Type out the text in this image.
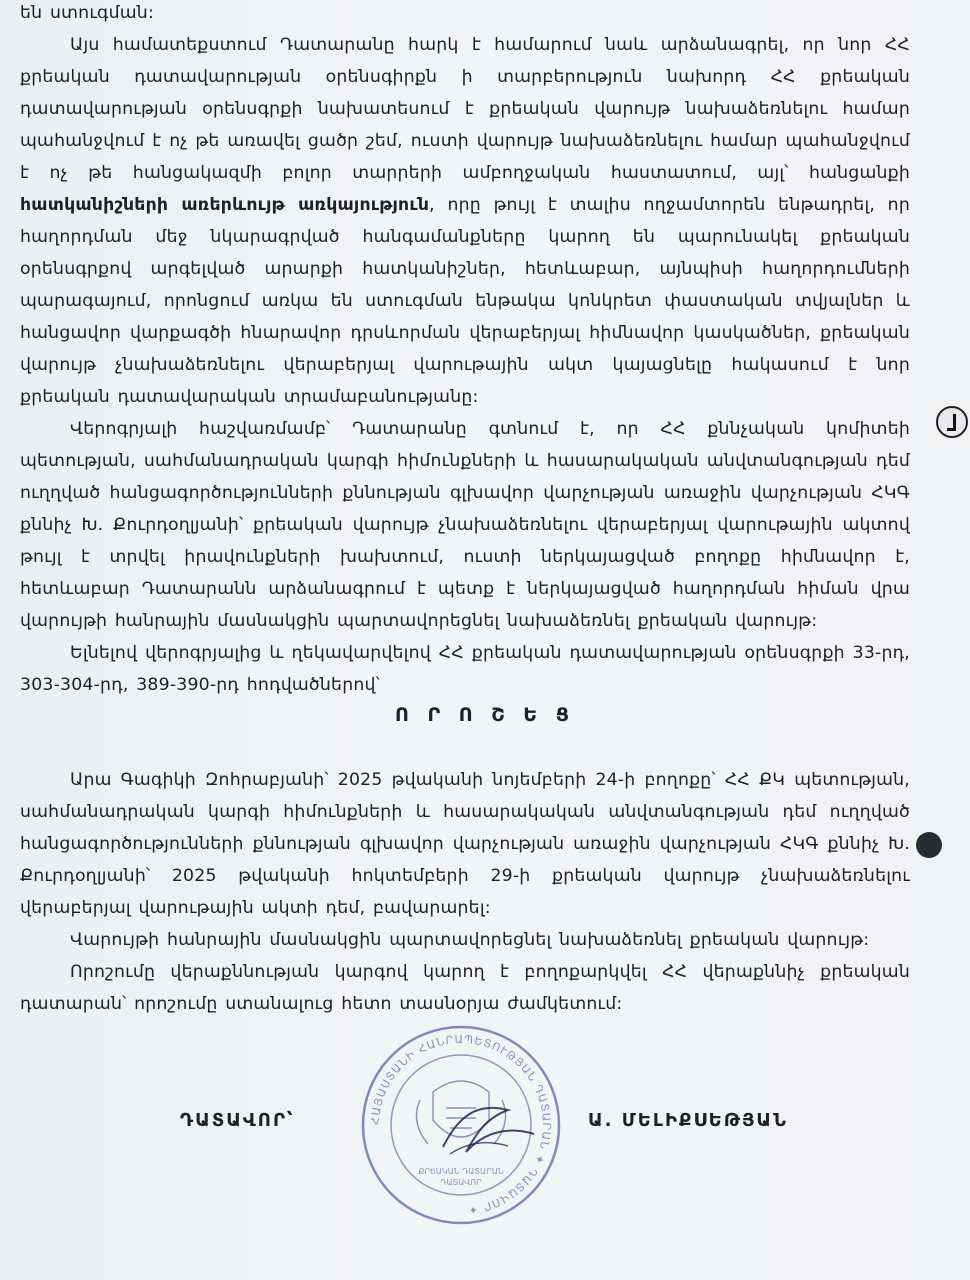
են ստուգման:

Այս համատեքստում Դատարանը հարկ է համարում նաև արձանագրել, որ նոր ՀՀ քրեական դատավարության օրենսգիրքն ի տարբերություն նախորդ ՀՀ քրեական դատավարության օրենսգրքի նախատեսում է քրեական վարույթ նախաձեռնելու համար պահանջվում է ոչ թե առավել ցածր շեմ, ուստի վարույթ նախաձեռնելու համար պահանջվում է ոչ թե հանցակազմի բոլոր տարրերի ամբողջական հաստատում, այլ՝ հանցանքի հատկանիշների առերևույթ առկայություն, որը թույլ է տալիս ողջամտորեն ենթադրել, որ հաղորդման մեջ նկարագրված հանգամանքները կարող են պարունակել քրեական օրենսգրքով արգելված արարքի հատկանիշներ, հետևաբար, այնպիսի հաղորդումների պարագայում, որոնցում առկա են ստուգման ենթակա կոնկրետ փաստական տվյալներ և հանցավոր վարքագծի հնարավոր դրսևորման վերաբերյալ հիմնավոր կասկածներ, քրեական վարույթ չնախաձեռնելու վերաբերյալ վարութային ակտ կայացնելը հակասում է նոր քրեական դատավարական տրամաբանությանը:

Վերոգրյալի հաշվառմամբ՝ Դատարանը գտնում է, որ ՀՀ քննչական կոմիտեի պետության, սահմանադրական կարգի հիմունքների և հասարակական անվտանգության դեմ ուղղված հանցագործությունների քննության գլխավոր վարչության առաջին վարչության ՀԿԳ քննիչ Խ. Քուրդօղլյանի՝ քրեական վարույթ չնախաձեռնելու վերաբերյալ վարութային ակտով թույլ է տրվել իրավունքների խախտում, ուստի ներկայացված բողոքը հիմնավոր է, հետևաբար Դատարանն արձանագրում է պետք է ներկայացված հաղորդման հիման վրա վարույթի հանրային մասնակցին պարտավորեցնել նախաձեռնել քրեական վարույթ:

Ելնելով վերոգրյալից և ղեկավարվելով ՀՀ քրեական դատավարության օրենսգրքի 33-րդ, 303-304-րդ, 389-390-րդ հոդվածներով՝

Ո Ր Ո Շ Ե Ց

Արա Գագիկի Զոհրաբյանի՝ 2025 թվականի նոյեմբերի 24-ի բողոքը՝ ՀՀ ՔԿ պետության, սահմանադրական կարգի հիմունքների և հասարակական անվտանգության դեմ ուղղված հանցագործությունների քննության գլխավոր վարչության առաջին վարչության ՀԿԳ քննիչ Խ. Քուրդօղլյանի՝ 2025 թվականի հոկտեմբերի 29-ի քրեական վարույթ չնախաձեռնելու վերաբերյալ վարութային ակտի դեմ, բավարարել:

Վարույթի հանրային մասնակցին պարտավորեցնել նախաձեռնել քրեական վարույթ:

Որոշումը վերաքննության կարգով կարող է բողոքարկվել ՀՀ վերաքննիչ քրեական դատարան՝ որոշումը ստանալուց հետո տասնօրյա ժամկետում:

ԴԱՏԱՎՈՐ՝	Ա. ՄԵԼԻՔՍԵԹՅԱՆ
ՀԱՅԱՍՏԱՆԻ ՀԱՆՐԱՊԵՏՈՒԹՅԱՆ ԴԱՏԱՐԱՆ ✦ ԴԱՏԱՎՈՐ ✦
ՔՐԵԱԿԱՆ ԴԱՏԱՐԱՆ
ԴԱՏԱՎՈՐ
